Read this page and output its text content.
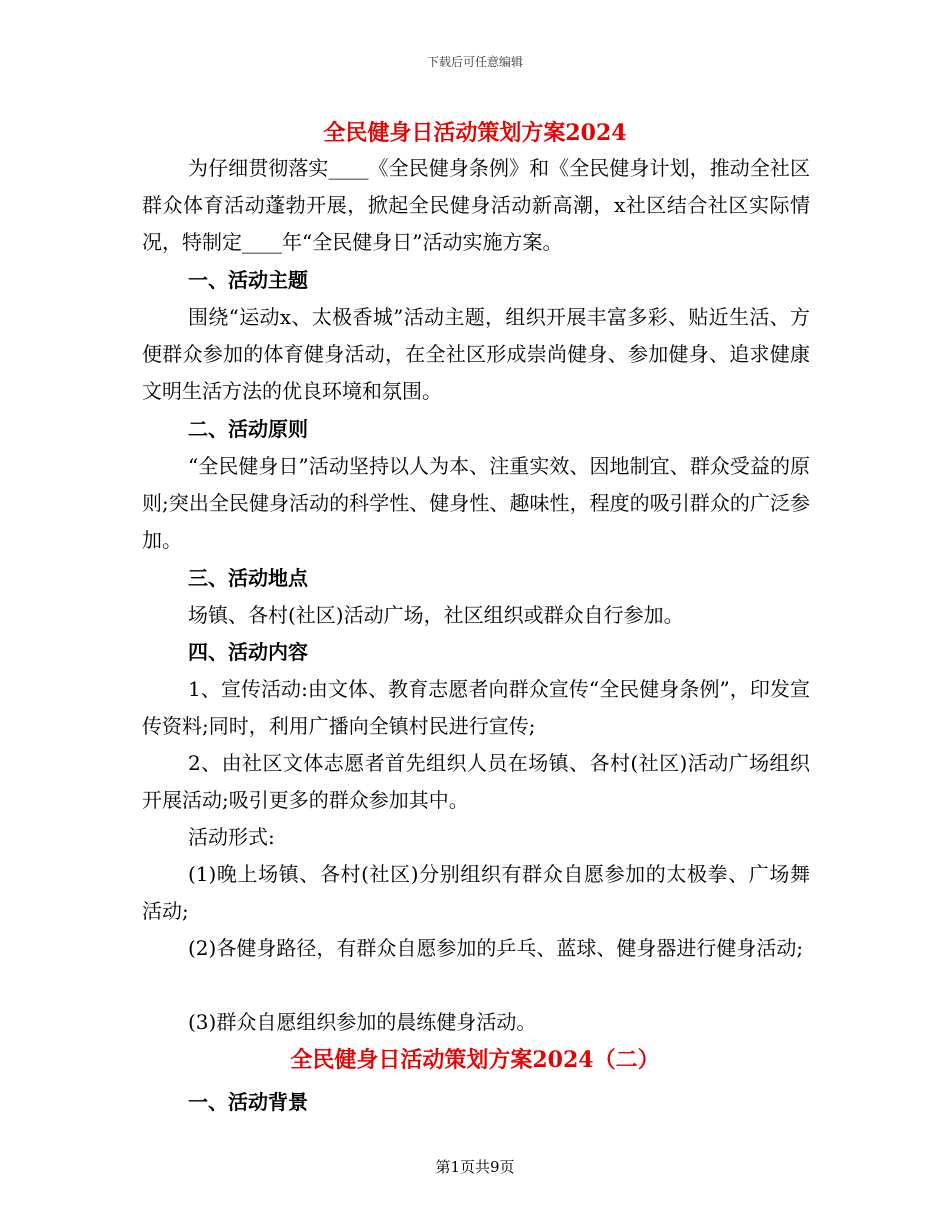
下载后可任意编辑
全民健身日活动策划方案2024

为仔细贯彻落实____《全民健身条例》和《全民健身计划，推动全社区群众体育活动蓬勃开展，掀起全民健身活动新高潮，x社区结合社区实际情况，特制定____年“全民健身日”活动实施方案。

一、活动主题

围绕“运动x、太极香城”活动主题，组织开展丰富多彩、贴近生活、方便群众参加的体育健身活动，在全社区形成崇尚健身、参加健身、追求健康文明生活方法的优良环境和氛围。

二、活动原则

“全民健身日”活动坚持以人为本、注重实效、因地制宜、群众受益的原则;突出全民健身活动的科学性、健身性、趣味性，程度的吸引群众的广泛参加。

三、活动地点

场镇、各村(社区)活动广场，社区组织或群众自行参加。

四、活动内容

1、宣传活动:由文体、教育志愿者向群众宣传“全民健身条例”，印发宣传资料;同时，利用广播向全镇村民进行宣传;

2、由社区文体志愿者首先组织人员在场镇、各村(社区)活动广场组织开展活动;吸引更多的群众参加其中。

活动形式:

(1)晚上场镇、各村(社区)分别组织有群众自愿参加的太极拳、广场舞活动;

(2)各健身路径，有群众自愿参加的乒乓、蓝球、健身器进行健身活动;

(3)群众自愿组织参加的晨练健身活动。

全民健身日活动策划方案2024（二）
一、活动背景
第1页共9页
